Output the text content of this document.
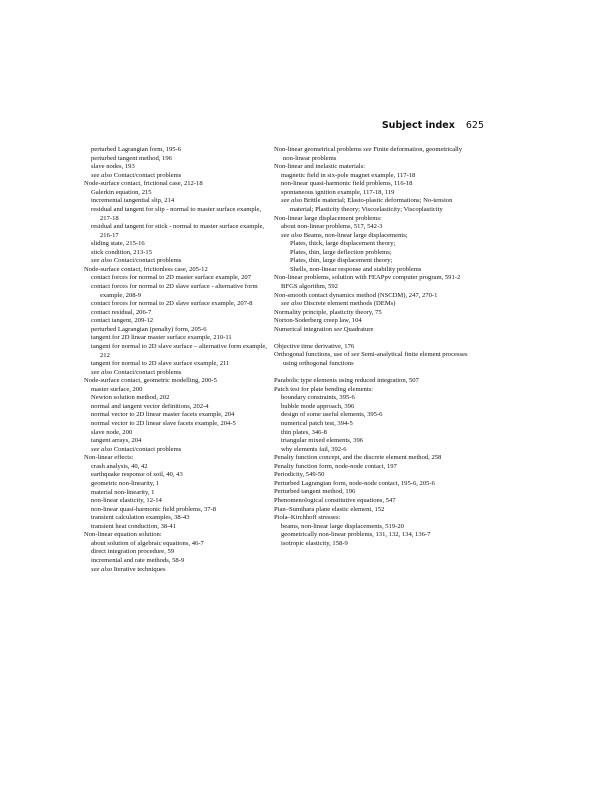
Subject index 625
perturbed Lagrangian form, 195-6
perturbed tangent method, 196
slave nodes, 193
see also Contact/contact problems
Node-surface contact, frictional case, 212-18
Galerkin equation, 215
incremental tangential slip, 214
residual and tangent for slip - normal to master surface example, 217-18
residual and tangent for stick - normal to master surface example, 216-17
sliding state, 215-16
stick condition, 213-15
see also Contact/contact problems
Node-surface contact, frictionless case, 205-12
contact forces for normal to 2D master surface example, 207
contact forces for normal to 2D slave surface - alternative form example, 208-9
contact forces for normal to 2D slave surface example, 207-8
contact residual, 206-7
contact tangent, 209-12
perturbed Lagrangian (penalty) form, 205-6
tangent for 2D linear master surface example, 210-11
tangent for normal to 2D slave surface – alternative form example, 212
tangent for normal to 2D slave surface example, 211
see also Contact/contact problems
Node-surface contact, geometric modelling, 200-5
master surface, 200
Newton solution method, 202
normal and tangent vector definitions, 202-4
normal vector to 2D linear master facets example, 204
normal vector to 2D linear slave facets example, 204-5
slave node, 200
tangent arrays, 204
see also Contact/contact problems
Non-linear effects:
crash analysis, 40, 42
earthquake response of soil, 40, 43
geometric non-linearity, 1
material non-linearity, 1
non-linear elasticity, 12-14
non-linear quasi-harmonic field problems, 37-8
transient calculation examples, 38-43
transient heat conduction, 38-41
Non-linear equation solution:
about solution of algebraic equations, 46-7
direct integration procedure, 59
incremental and rate methods, 58-9
see also Iterative techniques
Non-linear geometrical problems see Finite deformation, geometrically non-linear problems
Non-linear and inelastic materials:
magnetic field in six-pole magnet example, 117-18
non-linear quasi-harmonic field problems, 116-18
spontaneous ignition example, 117-18, 119
see also Brittle material; Elasto-plastic deformations; No-tension material; Plasticity theory; Viscoelasticity; Viscoplasticity
Non-linear large displacement problems:
about non-linear problems, 517, 542-3
see also Beams, non-linear large displacements;
Plates, thick, large displacement theory;
Plates, thin, large deflection problems;
Plates, thin, large displacement theory;
Shells, non-linear response and stability problems
Non-linear problems, solution with FEAPpv computer program, 591-2
BFGS algorithm, 592
Non-smooth contact dynamics method (NSCDM), 247, 270-1
see also Discrete element methods (DEMs)
Normality principle, plasticity theory, 75
Norton-Soderberg creep law, 104
Numerical integration see Quadrature
Objective time derivative, 176
Orthogonal functions, use of see Semi-analytical finite element processes using orthogonal functions
Parabolic type elements using reduced integration, 507
Patch test for plate bending elements:
boundary constraints, 395-6
bubble mode approach, 396
design of some useful elements, 395-6
numerical patch test, 394-5
thin plates, 346-8
triangular mixed elements, 396
why elements fail, 392-6
Penalty function concept, and the discrete element method, 258
Penalty function form, node-node contact, 197
Periodicity, 549-50
Perturbed Lagrangian form, node-node contact, 195-6, 205-6
Perturbed tangent method, 196
Phenomenological constitutive equations, 547
Pian–Sumihara plane elastic element, 152
Piola–Kirchhoff stresses:
beams, non-linear large displacements, 519-20
geometrically non-linear problems, 131, 132, 134, 136-7
isotropic elasticity, 158-9
